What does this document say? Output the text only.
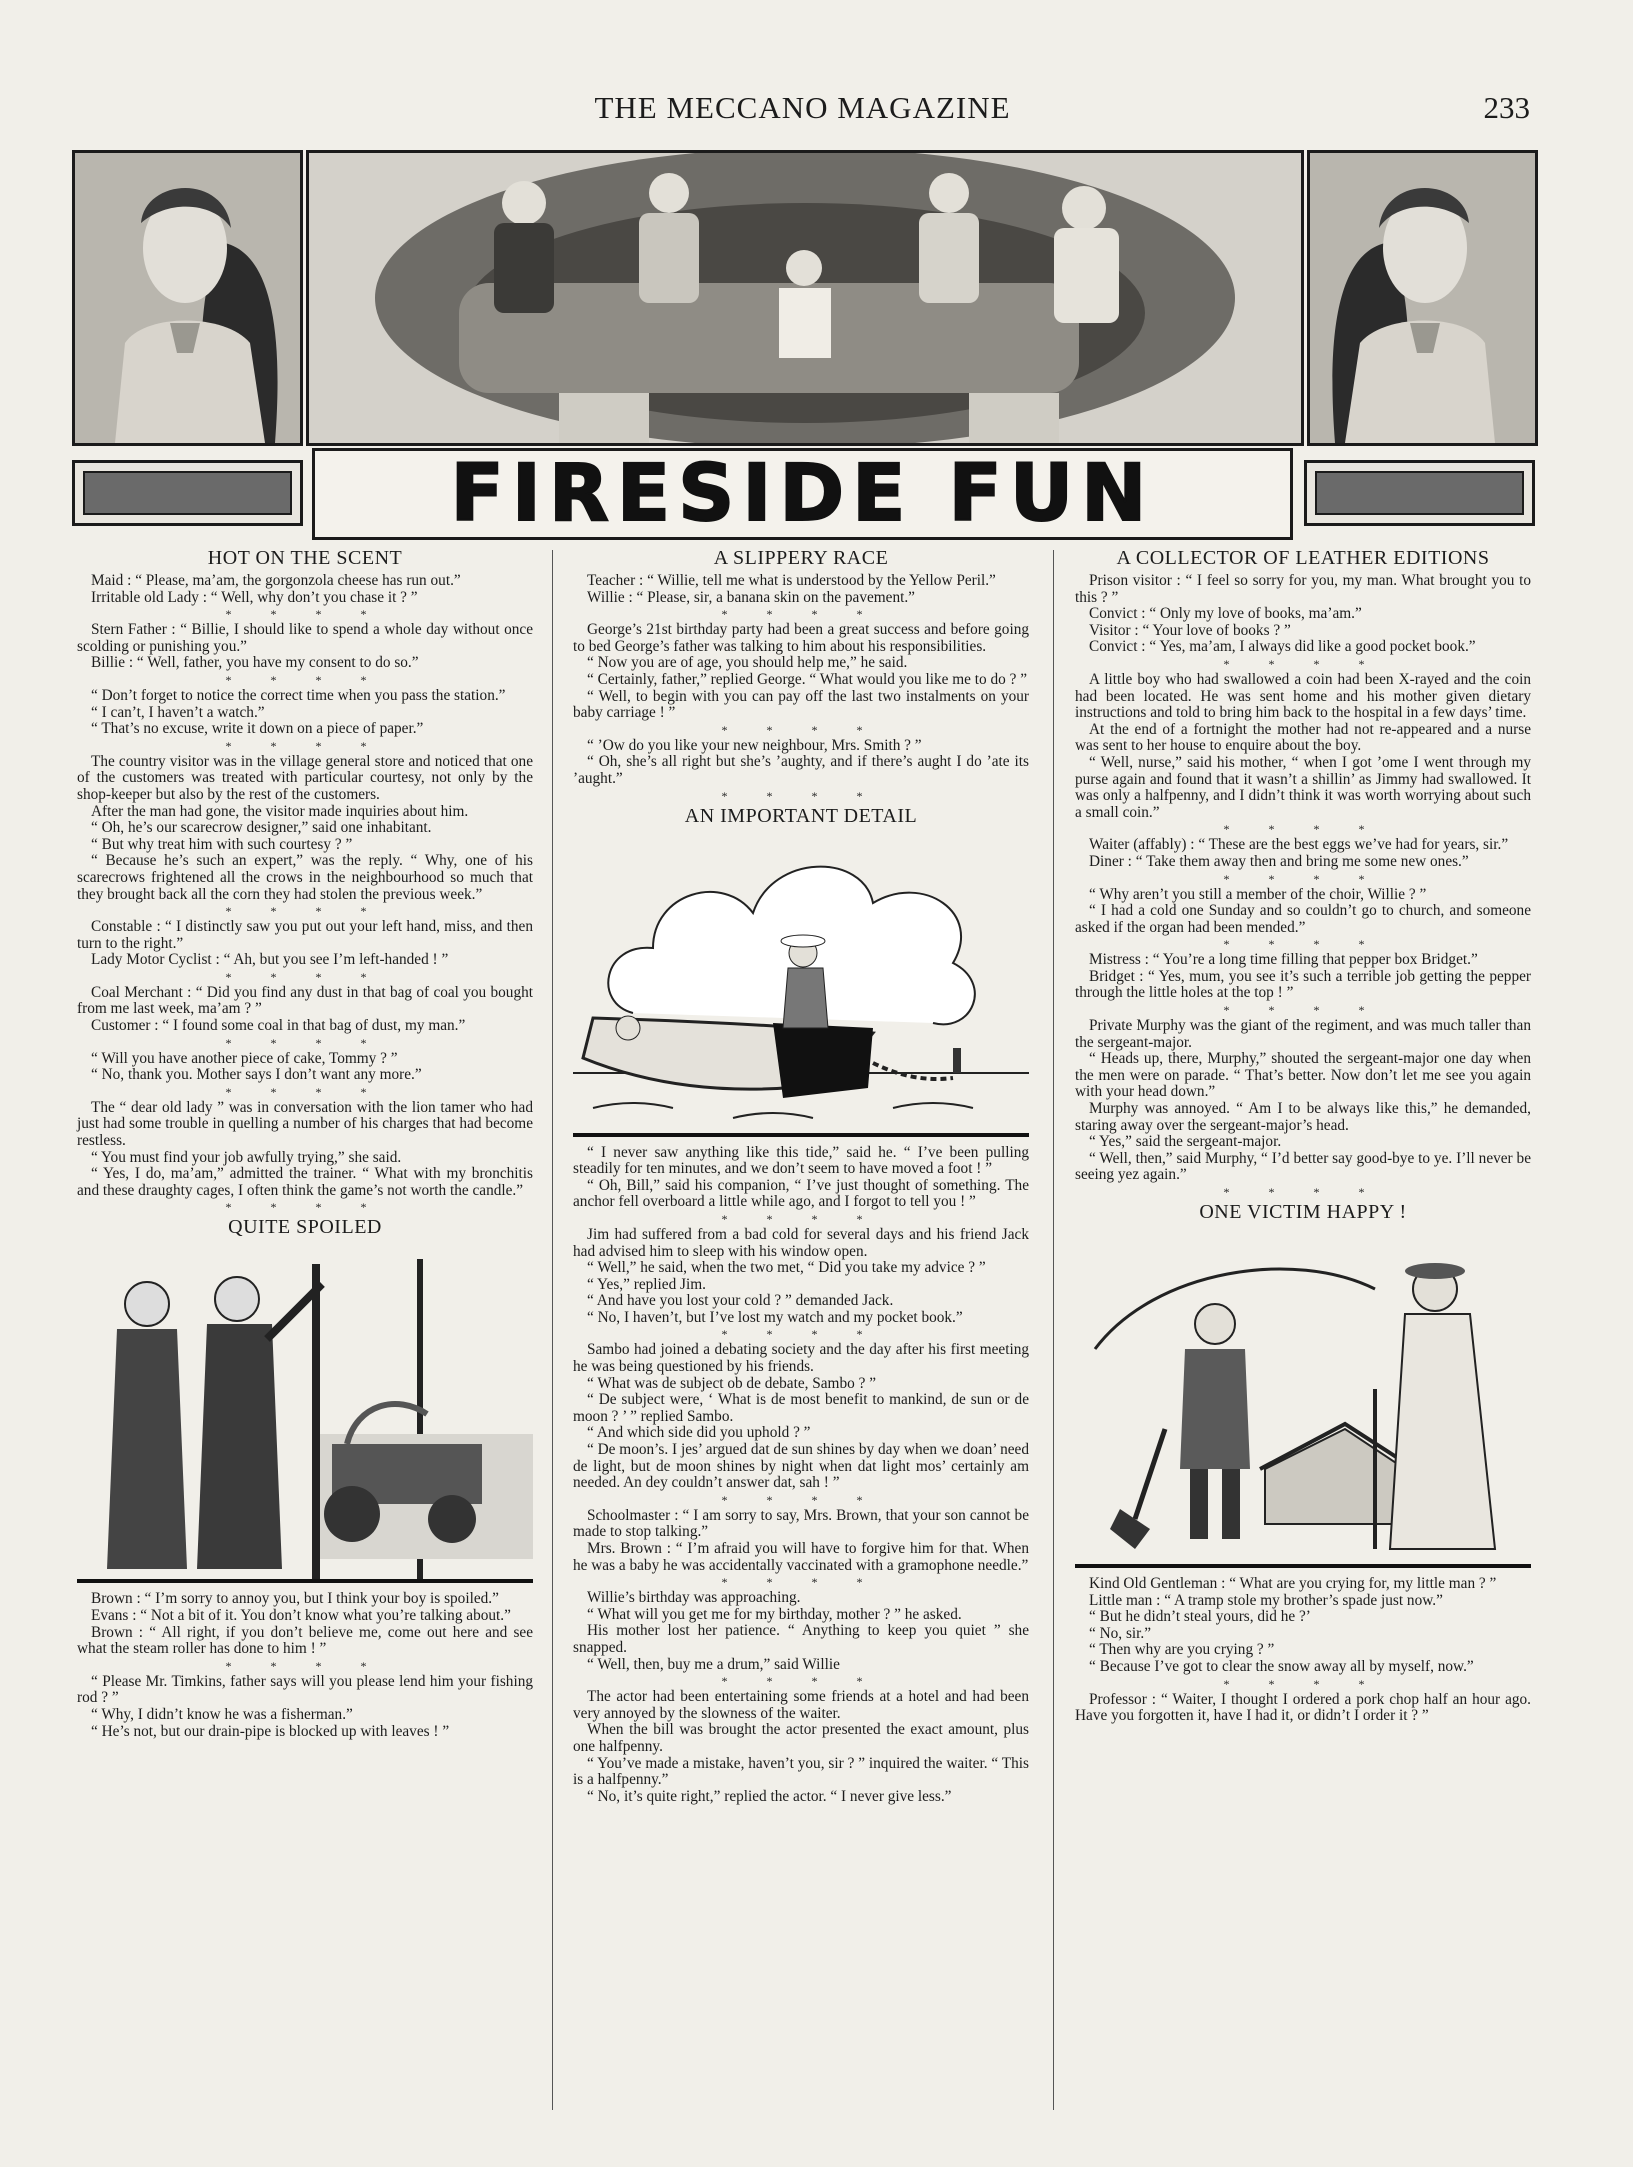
THE MECCANO MAGAZINE	233
FIRESIDE FUN
HOT ON THE SCENT

Maid : “ Please, ma’am, the gorgonzola cheese has run out.”

Irritable old Lady : “ Well, why don’t you chase it ? ”

* * * *

Stern Father : “ Billie, I should like to spend a whole day without once scolding or punishing you.”

Billie : “ Well, father, you have my consent to do so.”

* * * *

“ Don’t forget to notice the correct time when you pass the station.”

“ I can’t, I haven’t a watch.”

“ That’s no excuse, write it down on a piece of paper.”

* * * *

The country visitor was in the village general store and noticed that one of the customers was treated with particular courtesy, not only by the shop-keeper but also by the rest of the customers.

After the man had gone, the visitor made inquiries about him.

“ Oh, he’s our scarecrow designer,” said one inhabitant.

“ But why treat him with such courtesy ? ”

“ Because he’s such an expert,” was the reply. “ Why, one of his scarecrows frightened all the crows in the neighbourhood so much that they brought back all the corn they had stolen the previous week.”

* * * *

Constable : “ I distinctly saw you put out your left hand, miss, and then turn to the right.”

Lady Motor Cyclist : “ Ah, but you see I’m left-handed ! ”

* * * *

Coal Merchant : “ Did you find any dust in that bag of coal you bought from me last week, ma’am ? ”

Customer : “ I found some coal in that bag of dust, my man.”

* * * *

“ Will you have another piece of cake, Tommy ? ”

“ No, thank you. Mother says I don’t want any more.”

* * * *

The “ dear old lady ” was in conversation with the lion tamer who had just had some trouble in quelling a number of his charges that had become restless.

“ You must find your job awfully trying,” she said.

“ Yes, I do, ma’am,” admitted the trainer. “ What with my bronchitis and these draughty cages, I often think the game’s not worth the candle.”

* * * *
QUITE SPOILED

Brown : “ I’m sorry to annoy you, but I think your boy is spoiled.”

Evans : “ Not a bit of it. You don’t know what you’re talking about.”

Brown : “ All right, if you don’t believe me, come out here and see what the steam roller has done to him ! ”

* * * *

“ Please Mr. Timkins, father says will you please lend him your fishing rod ? ”

“ Why, I didn’t know he was a fisherman.”

“ He’s not, but our drain-pipe is blocked up with leaves ! ”

A SLIPPERY RACE

Teacher : “ Willie, tell me what is understood by the Yellow Peril.”

Willie : “ Please, sir, a banana skin on the pavement.”

* * * *

George’s 21st birthday party had been a great success and before going to bed George’s father was talking to him about his responsibilities.

“ Now you are of age, you should help me,” he said.

“ Certainly, father,” replied George. “ What would you like me to do ? ”

“ Well, to begin with you can pay off the last two instalments on your baby carriage ! ”

* * * *

“ ’Ow do you like your new neighbour, Mrs. Smith ? ”

“ Oh, she’s all right but she’s ’aughty, and if there’s aught I do ’ate its ’aught.”

* * * *
AN IMPORTANT DETAIL

“ I never saw anything like this tide,” said he. “ I’ve been pulling steadily for ten minutes, and we don’t seem to have moved a foot ! ”

“ Oh, Bill,” said his companion, “ I’ve just thought of something. The anchor fell overboard a little while ago, and I forgot to tell you ! ”

* * * *

Jim had suffered from a bad cold for several days and his friend Jack had advised him to sleep with his window open.

“ Well,” he said, when the two met, “ Did you take my advice ? ”

“ Yes,” replied Jim.

“ And have you lost your cold ? ” demanded Jack.

“ No, I haven’t, but I’ve lost my watch and my pocket book.”

* * * *

Sambo had joined a debating society and the day after his first meeting he was being questioned by his friends.

“ What was de subject ob de debate, Sambo ? ”

“ De subject were, ‘ What is de most benefit to mankind, de sun or de moon ? ’ ” replied Sambo.

“ And which side did you uphold ? ”

“ De moon’s. I jes’ argued dat de sun shines by day when we doan’ need de light, but de moon shines by night when dat light mos’ certainly am needed. An dey couldn’t answer dat, sah ! ”

* * * *

Schoolmaster : “ I am sorry to say, Mrs. Brown, that your son cannot be made to stop talking.”

Mrs. Brown : “ I’m afraid you will have to forgive him for that. When he was a baby he was accidentally vaccinated with a gramophone needle.”

* * * *

Willie’s birthday was approaching.

“ What will you get me for my birthday, mother ? ” he asked.

His mother lost her patience. “ Anything to keep you quiet ” she snapped.

“ Well, then, buy me a drum,” said Willie

* * * *

The actor had been entertaining some friends at a hotel and had been very annoyed by the slowness of the waiter.

When the bill was brought the actor presented the exact amount, plus one halfpenny.

“ You’ve made a mistake, haven’t you, sir ? ” inquired the waiter. “ This is a halfpenny.”

“ No, it’s quite right,” replied the actor. “ I never give less.”

A COLLECTOR OF LEATHER EDITIONS

Prison visitor : “ I feel so sorry for you, my man. What brought you to this ? ”

Convict : “ Only my love of books, ma’am.”

Visitor : “ Your love of books ? ”

Convict : “ Yes, ma’am, I always did like a good pocket book.”

* * * *

A little boy who had swallowed a coin had been X-rayed and the coin had been located. He was sent home and his mother given dietary instructions and told to bring him back to the hospital in a few days’ time.

At the end of a fortnight the mother had not re-appeared and a nurse was sent to her house to enquire about the boy.

“ Well, nurse,” said his mother, “ when I got ’ome I went through my purse again and found that it wasn’t a shillin’ as Jimmy had swallowed. It was only a halfpenny, and I didn’t think it was worth worrying about such a small coin.”

* * * *

Waiter (affably) : “ These are the best eggs we’ve had for years, sir.”

Diner : “ Take them away then and bring me some new ones.”

* * * *

“ Why aren’t you still a member of the choir, Willie ? ”

“ I had a cold one Sunday and so couldn’t go to church, and someone asked if the organ had been mended.”

* * * *

Mistress : “ You’re a long time filling that pepper box Bridget.”

Bridget : “ Yes, mum, you see it’s such a terrible job getting the pepper through the little holes at the top ! ”

* * * *

Private Murphy was the giant of the regiment, and was much taller than the sergeant-major.

“ Heads up, there, Murphy,” shouted the sergeant-major one day when the men were on parade. “ That’s better. Now don’t let me see you again with your head down.”

Murphy was annoyed. “ Am I to be always like this,” he demanded, staring away over the sergeant-major’s head.

“ Yes,” said the sergeant-major.

“ Well, then,” said Murphy, “ I’d better say good-bye to ye. I’ll never be seeing yez again.”

* * * *
ONE VICTIM HAPPY !

Kind Old Gentleman : “ What are you crying for, my little man ? ”

Little man : “ A tramp stole my brother’s spade just now.”

“ But he didn’t steal yours, did he ?’

“ No, sir.”

“ Then why are you crying ? ”

“ Because I’ve got to clear the snow away all by myself, now.”

* * * *

Professor : “ Waiter, I thought I ordered a pork chop half an hour ago. Have you forgotten it, have I had it, or didn’t I order it ? ”
